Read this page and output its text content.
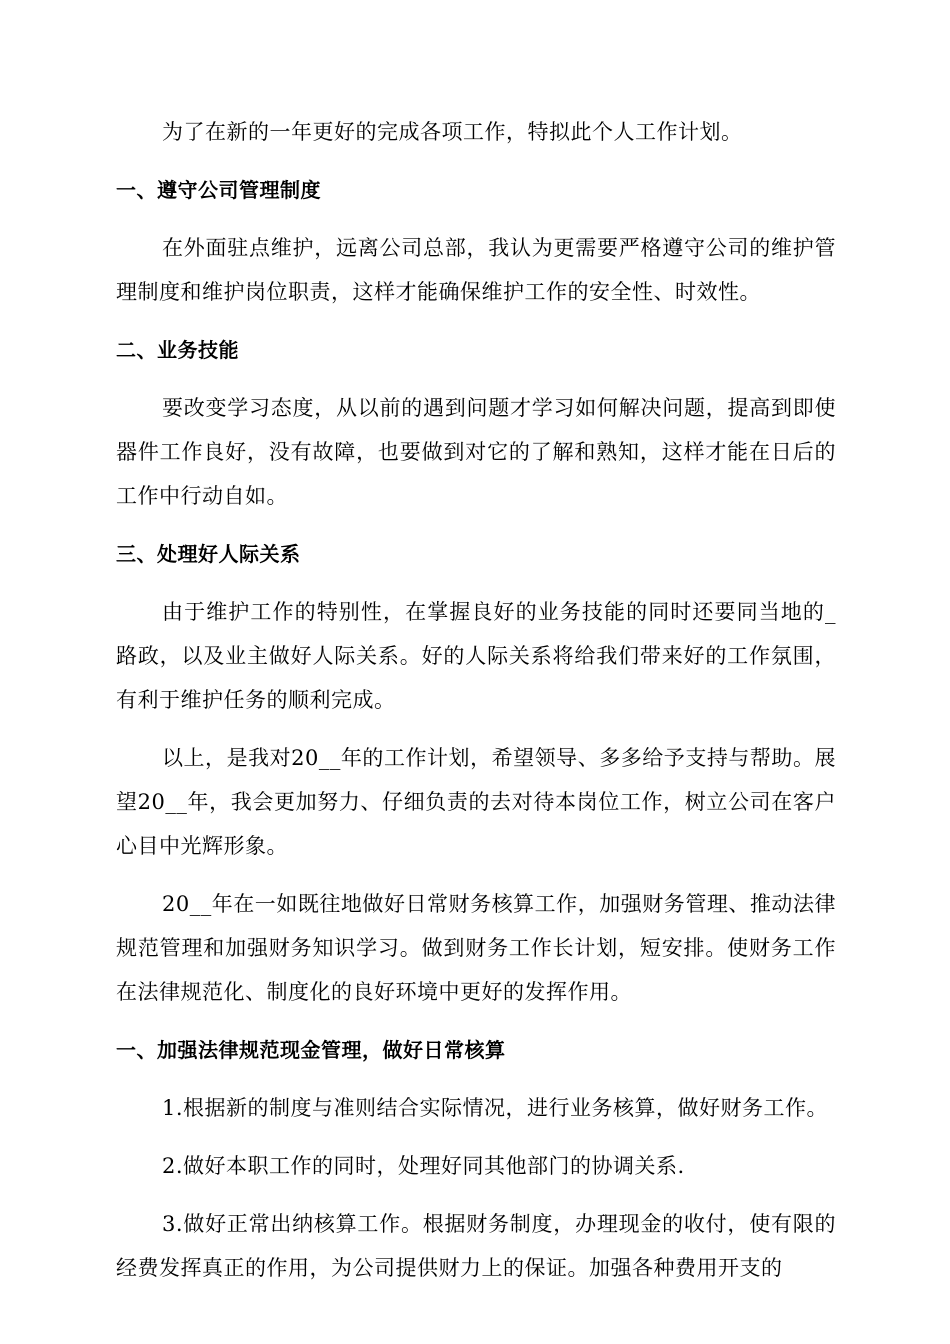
为了在新的一年更好的完成各项工作，特拟此个人工作计划。

一、遵守公司管理制度

在外面驻点维护，远离公司总部，我认为更需要严格遵守公司的维护管理制度和维护岗位职责，这样才能确保维护工作的安全性、时效性。

二、业务技能

要改变学习态度，从以前的遇到问题才学习如何解决问题，提高到即使器件工作良好，没有故障，也要做到对它的了解和熟知，这样才能在日后的工作中行动自如。

三、处理好人际关系

由于维护工作的特别性，在掌握良好的业务技能的同时还要同当地的_路政，以及业主做好人际关系。好的人际关系将给我们带来好的工作氛围，有利于维护任务的顺利完成。

以上，是我对20__年的工作计划，希望领导、多多给予支持与帮助。展望20__年，我会更加努力、仔细负责的去对待本岗位工作，树立公司在客户心目中光辉形象。

20__年在一如既往地做好日常财务核算工作，加强财务管理、推动法律规范管理和加强财务知识学习。做到财务工作长计划，短安排。使财务工作在法律规范化、制度化的良好环境中更好的发挥作用。

一、加强法律规范现金管理，做好日常核算

1.根据新的制度与准则结合实际情况，进行业务核算，做好财务工作。

2.做好本职工作的同时，处理好同其他部门的协调关系.

3.做好正常出纳核算工作。根据财务制度，办理现金的收付，使有限的经费发挥真正的作用，为公司提供财力上的保证。加强各种费用开支的
